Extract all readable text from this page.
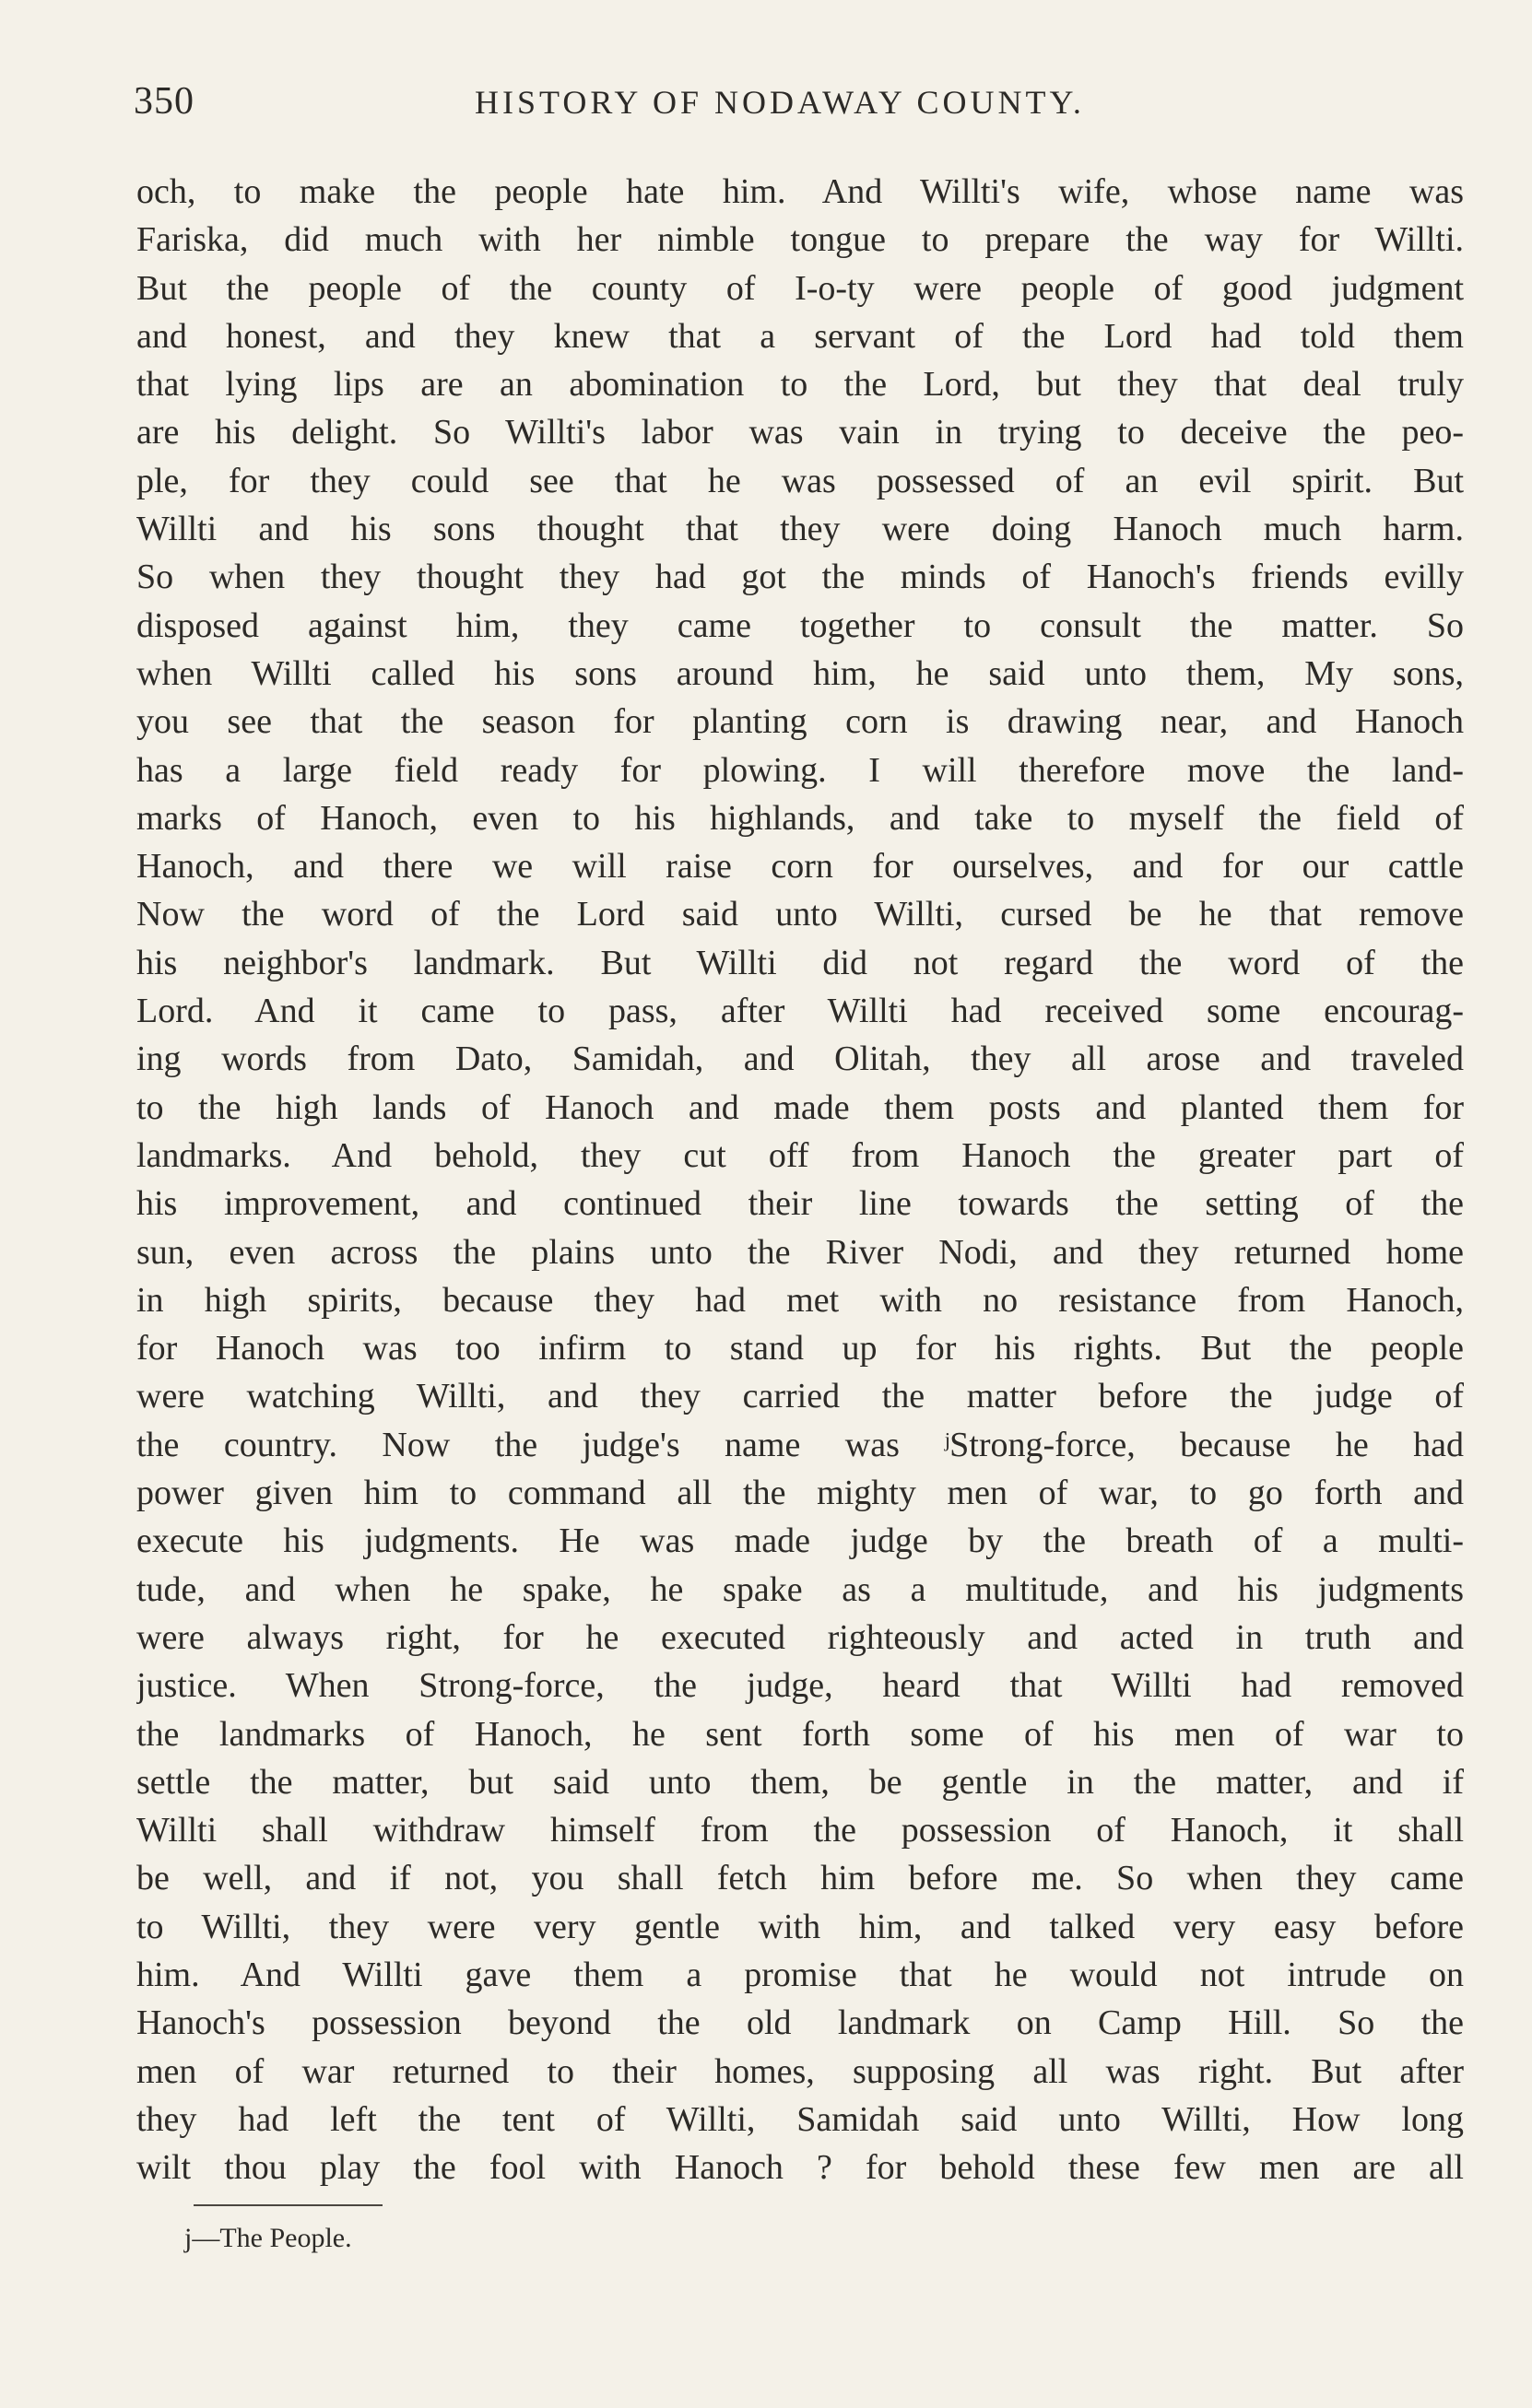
350	HISTORY OF NODAWAY COUNTY.
och, to make the people hate him. And Willti's wife, whose name was
Fariska, did much with her nimble tongue to prepare the way for Willti.
But the people of the county of I-o-ty were people of good judgment
and honest, and they knew that a servant of the Lord had told them
that lying lips are an abomination to the Lord, but they that deal truly
are his delight. So Willti's labor was vain in trying to deceive the peo-
ple, for they could see that he was possessed of an evil spirit. But
Willti and his sons thought that they were doing Hanoch much harm.
So when they thought they had got the minds of Hanoch's friends evilly
disposed against him, they came together to consult the matter. So
when Willti called his sons around him, he said unto them, My sons,
you see that the season for planting corn is drawing near, and Hanoch
has a large field ready for plowing. I will therefore move the land-
marks of Hanoch, even to his highlands, and take to myself the field of
Hanoch, and there we will raise corn for ourselves, and for our cattle
Now the word of the Lord said unto Willti, cursed be he that remove
his neighbor's landmark. But Willti did not regard the word of the
Lord. And it came to pass, after Willti had received some encourag-
ing words from Dato, Samidah, and Olitah, they all arose and traveled
to the high lands of Hanoch and made them posts and planted them for
landmarks. And behold, they cut off from Hanoch the greater part of
his improvement, and continued their line towards the setting of the
sun, even across the plains unto the River Nodi, and they returned home
in high spirits, because they had met with no resistance from Hanoch,
for Hanoch was too infirm to stand up for his rights. But the people
were watching Willti, and they carried the matter before the judge of
the country. Now the judge's name was ʲStrong-force, because he had
power given him to command all the mighty men of war, to go forth and
execute his judgments. He was made judge by the breath of a multi-
tude, and when he spake, he spake as a multitude, and his judgments
were always right, for he executed righteously and acted in truth and
justice. When Strong-force, the judge, heard that Willti had removed
the landmarks of Hanoch, he sent forth some of his men of war to
settle the matter, but said unto them, be gentle in the matter, and if
Willti shall withdraw himself from the possession of Hanoch, it shall
be well, and if not, you shall fetch him before me. So when they came
to Willti, they were very gentle with him, and talked very easy before
him. And Willti gave them a promise that he would not intrude on
Hanoch's possession beyond the old landmark on Camp Hill. So the
men of war returned to their homes, supposing all was right. But after
they had left the tent of Willti, Samidah said unto Willti, How long
wilt thou play the fool with Hanoch ? for behold these few men are all
j—The People.
